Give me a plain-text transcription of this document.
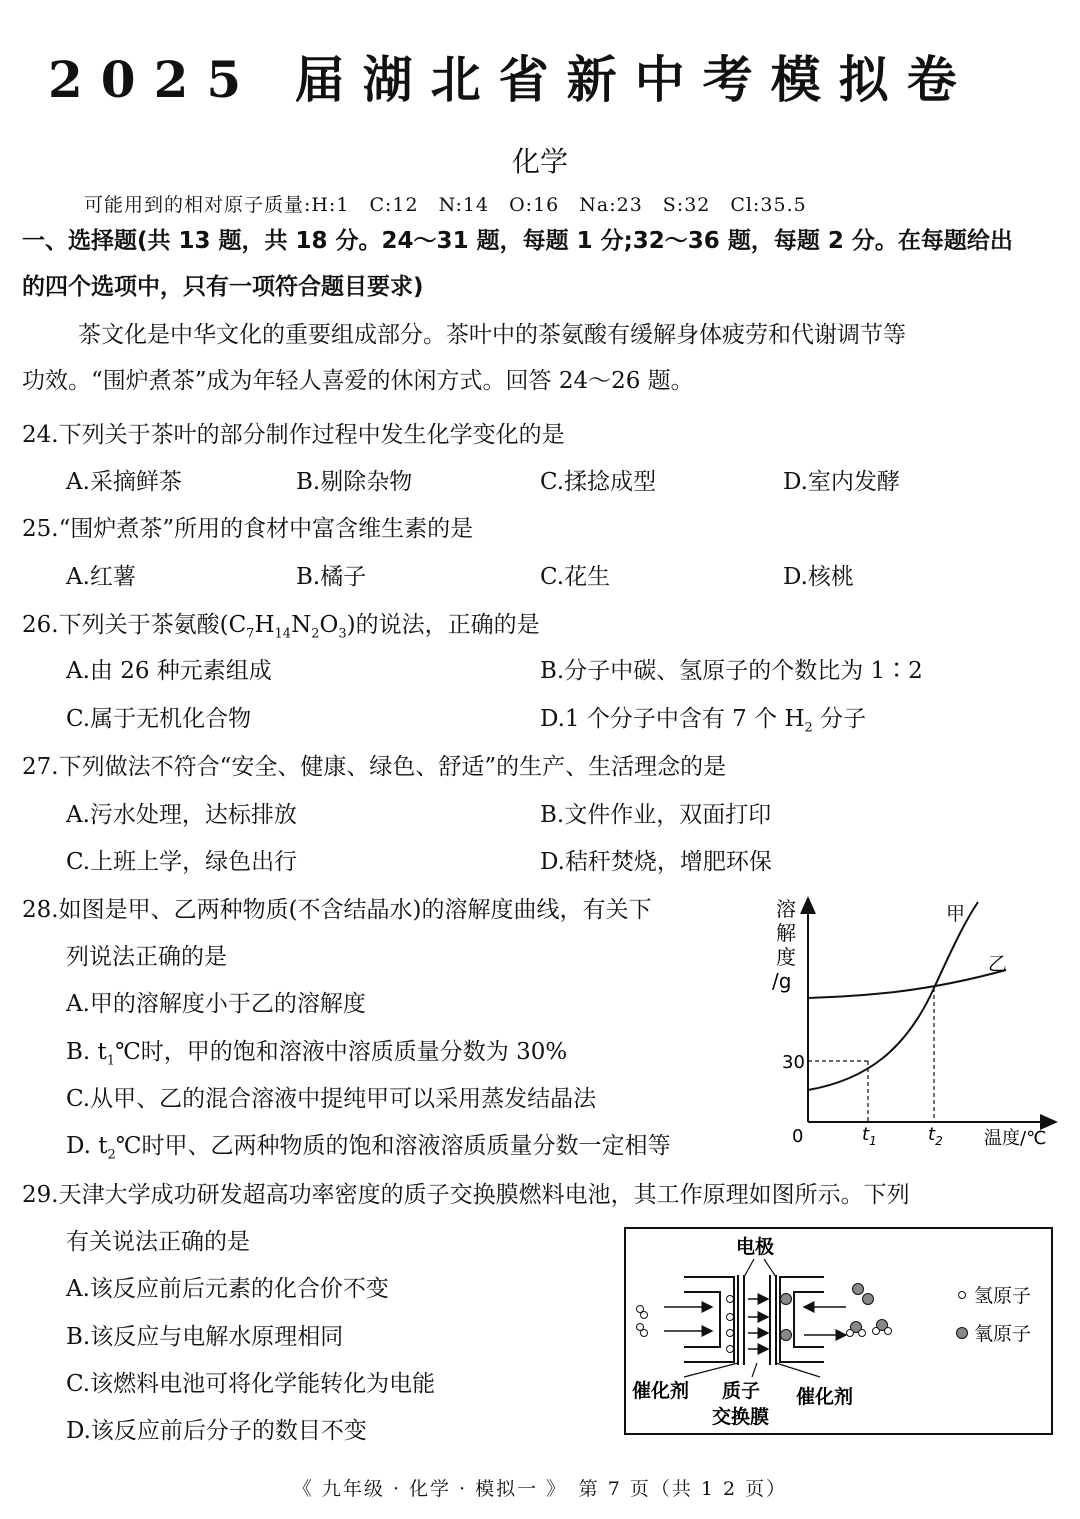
2025 届湖北省新中考模拟卷
化学
可能用到的相对原子质量:H:1　C:12　N:14　O:16　Na:23　S:32　Cl:35.5
一、选择题(共 13 题，共 18 分。24～31 题，每题 1 分;32～36 题，每题 2 分。在每题给出
的四个选项中，只有一项符合题目要求)
茶文化是中华文化的重要组成部分。茶叶中的茶氨酸有缓解身体疲劳和代谢调节等
功效。“围炉煮茶”成为年轻人喜爱的休闲方式。回答 24～26 题。
24.下列关于茶叶的部分制作过程中发生化学变化的是
A.采摘鲜茶	B.剔除杂物	C.揉捻成型	D.室内发酵
25.“围炉煮茶”所用的食材中富含维生素的是
A.红薯	B.橘子	C.花生	D.核桃
26.下列关于茶氨酸$(C_7H_{14}N_2O_3)$的说法，正确的是
A.由 26 种元素组成	B.分子中碳、氢原子的个数比为 1∶2
C.属于无机化合物	D.1 个分子中含有 7 个 $H_2$ 分子
27.下列做法不符合“安全、健康、绿色、舒适”的生产、生活理念的是
A.污水处理，达标排放	B.文件作业，双面打印
C.上班上学，绿色出行	D.秸秆焚烧，增肥环保
28.如图是甲、乙两种物质(不含结晶水)的溶解度曲线，有关下
列说法正确的是
A.甲的溶解度小于乙的溶解度
B. $t_1℃$时，甲的饱和溶液中溶质质量分数为 30%
C.从甲、乙的混合溶液中提纯甲可以采用蒸发结晶法
D. $t_2℃$时甲、乙两种物质的饱和溶液溶质质量分数一定相等
溶
解
度
/g
30
0	$t_1$	$t_2$ 温度/℃
甲
乙
29.天津大学成功研发超高功率密度的质子交换膜燃料电池，其工作原理如图所示。下列
有关说法正确的是
A.该反应前后元素的化合价不变
B.该反应与电解水原理相同
C.该燃料电池可将化学能转化为电能
D.该反应前后分子的数目不变
电极
氢原子
氧原子
催化剂 质子
交换膜
催化剂
《 九年级 · 化学 · 模拟一 》　第 7 页（共 1 2 页）
